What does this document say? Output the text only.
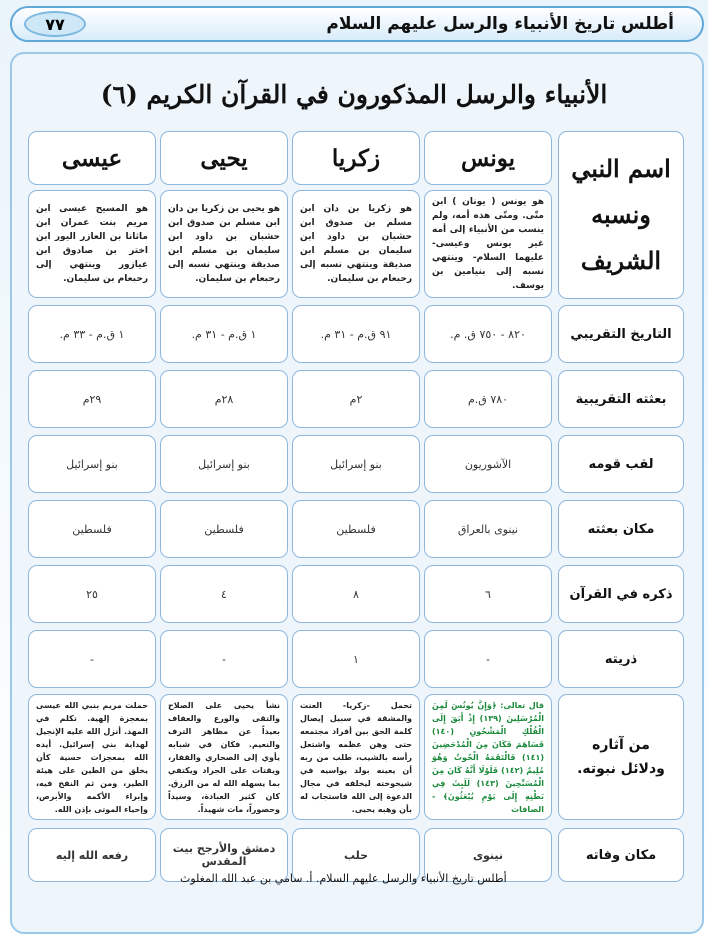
٧٧	أطلس تاريخ الأنبياء والرسل عليهم السلام
الأنبياء والرسل المذكورون في القرآن الكريم (٦)
اسم النبي ونسبه الشريف
التاريخ التقريبي
بعثته التقريبية
لقب قومه
مكان بعثته
ذكره في القرآن
ذريته
من آثاره ودلائل نبوته.
مكان وفاته
يونس
هو يونس ( يونان ) ابن متّى. ومتّى هذه أمه، ولم ينسب من الأنبياء إلى أمه غير يونس وعيسى-عليهما السلام- وينتهي نسبه إلى بنيامين بن يوسف.
٨٢٠ - ٧٥٠ ق. م.
٧٨٠ ق.م
الآشوريون
نينوى بالعراق
٦
-
قال تعالى: ﴿وَإِنَّ يُونُسَ لَمِنَ الْمُرْسَلِينَ (١٣٩) إِذْ أَبَقَ إِلَى الْفُلْكِ الْمَشْحُونِ (١٤٠) فَسَاهَمَ فَكَانَ مِنَ الْمُدْحَضِينَ (١٤١) فَالْتَقَمَهُ الْحُوتُ وَهُوَ مُلِيمٌ (١٤٢) فَلَوْلَا أَنَّهُ كَانَ مِنَ الْمُسَبِّحِينَ (١٤٣) لَلَبِثَ فِي بَطْنِهِ إِلَى يَوْمِ يُبْعَثُونَ﴾ - الصافات
نينوى
زكريا
هو زكريا بن دان ابن مسلم بن صدوق ابن حشبان بن داود ابن سليمان بن مسلم ابن صديقة وينتهي نسبه إلى رحبعام بن سليمان.
٩١ ق.م - ٣١ م.
٢م
بنو إسرائيل
فلسطين
٨
١
تحمل -زكريا- العنت والمشقة في سبيل إيصال كلمة الحق بين أفراد مجتمعه حتى وهن عظمه واشتعل رأسه بالشيب، طلب من ربه أن يعينه بولد يواسيه في شيخوخته ليخلفه في مجال الدعوة إلى الله فاستجاب له بأن وهبه يحيى.
حلب
يحيى
هو يحيى بن زكريا بن دان ابن مسلم بن صدوق ابن حشبان بن داود ابن سليمان بن مسلم ابن صديقة وينتهي نسبه إلى رحبعام بن سليمان.
١ ق.م - ٣١ م.
٢٨م
بنو إسرائيل
فلسطين
٤
-
نشأ يحيى على الصلاح والتقى والورع والعفاف بعيداً عن مظاهر الترف والنعيم. فكان في شبابه يأوي إلى الصحاري والقفار، ويقتات على الجراد ويكتفي بما يسهله الله له من الرزق. كان كثير العبادة، وسيداً وحصوراً، مات شهيداً.
دمشق والأرجح بيت المقدس
عيسى
هو المسيح عيسى ابن مريم بنت عمران ابن ماثانا بن العازر اليور ابن اختر بن صادوق ابن عيازور وينتهي إلى رحبعام بن سليمان.
١ ق.م - ٣٣ م.
٢٩م
بنو إسرائيل
فلسطين
٢٥
-
حملت مريم بنبي الله عيسى بمعجزة إلهية. تكلم في المهد. أنزل الله عليه الإنجيل لهداية بني إسرائيل. أيده الله بمعجزات حسية كأن يخلق من الطين على هيئة الطير، ومن ثم النفخ فيه، وإبراء الأكمه والأبرص، وإحياء الموتى بإذن الله.
رفعه الله إليه
أطلس تاريخ الأنبياء والرسل عليهم السلام. أ. سامي بن عبد الله المغلوث
